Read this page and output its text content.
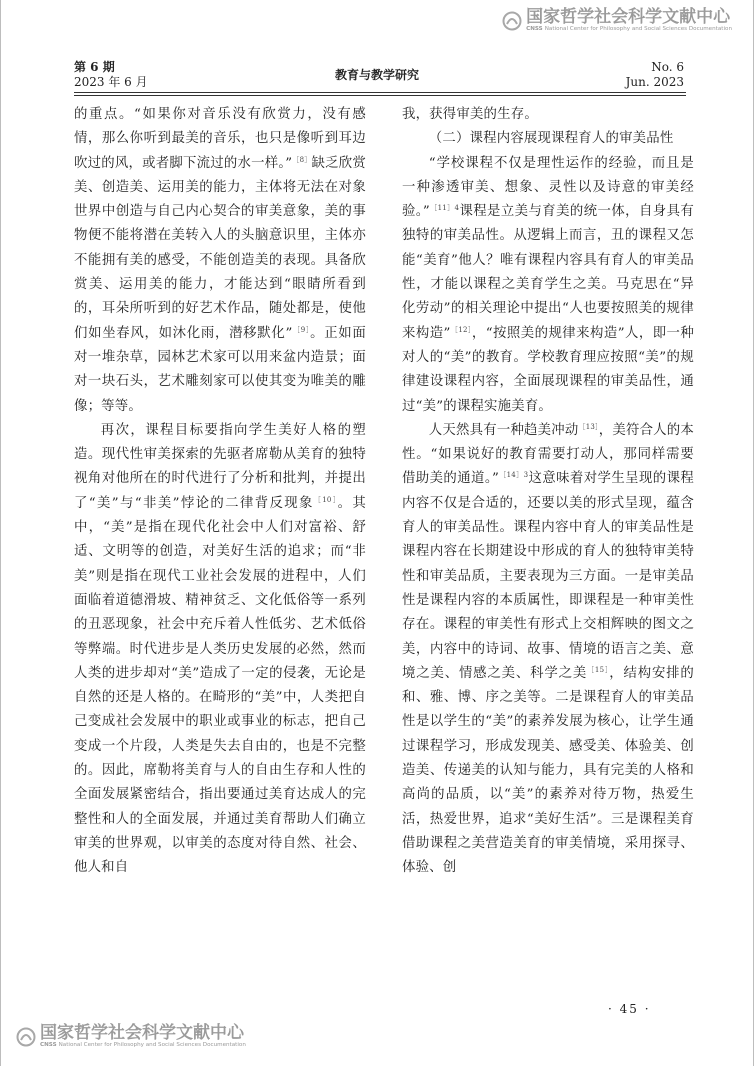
国家哲学社会科学文献中心
CNSS National Center for Philosophy and Social Sciences Documentation
第 6 期
2023 年 6 月	教育与教学研究
No. 6
Jun. 2023

的重点。“如果你对音乐没有欣赏力，没有感情，那么你听到最美的音乐，也只是像听到耳边吹过的风，或者脚下流过的水一样。”$^{[8]}$缺乏欣赏美、创造美、运用美的能力，主体将无法在对象世界中创造与自己内心契合的审美意象，美的事物便不能将潜在美转入人的头脑意识里，主体亦不能拥有美的感受，不能创造美的表现。具备欣赏美、运用美的能力，才能达到“眼睛所看到的，耳朵所听到的好艺术作品，随处都是，使他们如坐春风，如沐化雨，潜移默化”$^{[9]}$。正如面对一堆杂草，园林艺术家可以用来盆内造景；面对一块石头，艺术雕刻家可以使其变为唯美的雕像；等等。

再次，课程目标要指向学生美好人格的塑造。现代性审美探索的先驱者席勒从美育的独特视角对他所在的时代进行了分析和批判，并提出了“美”与“非美”悖论的二律背反现象$^{[10]}$。其中，“美”是指在现代化社会中人们对富裕、舒适、文明等的创造，对美好生活的追求；而“非美”则是指在现代工业社会发展的进程中，人们面临着道德滑坡、精神贫乏、文化低俗等一系列的丑恶现象，社会中充斥着人性低劣、艺术低俗等弊端。时代进步是人类历史发展的必然，然而人类的进步却对“美”造成了一定的侵袭，无论是自然的还是人格的。在畸形的“美”中，人类把自己变成社会发展中的职业或事业的标志，把自己变成一个片段，人类是失去自由的，也是不完整的。因此，席勒将美育与人的自由生存和人性的全面发展紧密结合，指出要通过美育达成人的完整性和人的全面发展，并通过美育帮助人们确立审美的世界观，以审美的态度对待自然、社会、他人和自

我，获得审美的生存。

（二）课程内容展现课程育人的审美品性

“学校课程不仅是理性运作的经验，而且是一种渗透审美、想象、灵性以及诗意的审美经验。”$^{[11]4}$课程是立美与育美的统一体，自身具有独特的审美品性。从逻辑上而言，丑的课程又怎能“美育”他人？唯有课程内容具有育人的审美品性，才能以课程之美育学生之美。马克思在“异化劳动”的相关理论中提出“人也要按照美的规律来构造”$^{[12]}$，“按照美的规律来构造”人，即一种对人的“美”的教育。学校教育理应按照“美”的规律建设课程内容，全面展现课程的审美品性，通过“美”的课程实施美育。

人天然具有一种趋美冲动$^{[13]}$，美符合人的本性。“如果说好的教育需要打动人，那同样需要借助美的通道。”$^{[14]3}$这意味着对学生呈现的课程内容不仅是合适的，还要以美的形式呈现，蕴含育人的审美品性。课程内容中育人的审美品性是课程内容在长期建设中形成的育人的独特审美特性和审美品质，主要表现为三方面。一是审美品性是课程内容的本质属性，即课程是一种审美性存在。课程的审美性有形式上交相辉映的图文之美，内容中的诗词、故事、情境的语言之美、意境之美、情感之美、科学之美$^{[15]}$，结构安排的和、雅、博、序之美等。二是课程育人的审美品性是以学生的“美”的素养发展为核心，让学生通过课程学习，形成发现美、感受美、体验美、创造美、传递美的认知与能力，具有完美的人格和高尚的品质，以“美”的素养对待万物，热爱生活，热爱世界，追求“美好生活”。三是课程美育借助课程之美营造美育的审美情境，采用探寻、体验、创

· 45 ·
国家哲学社会科学文献中心
CNSS National Center for Philosophy and Social Sciences Documentation
